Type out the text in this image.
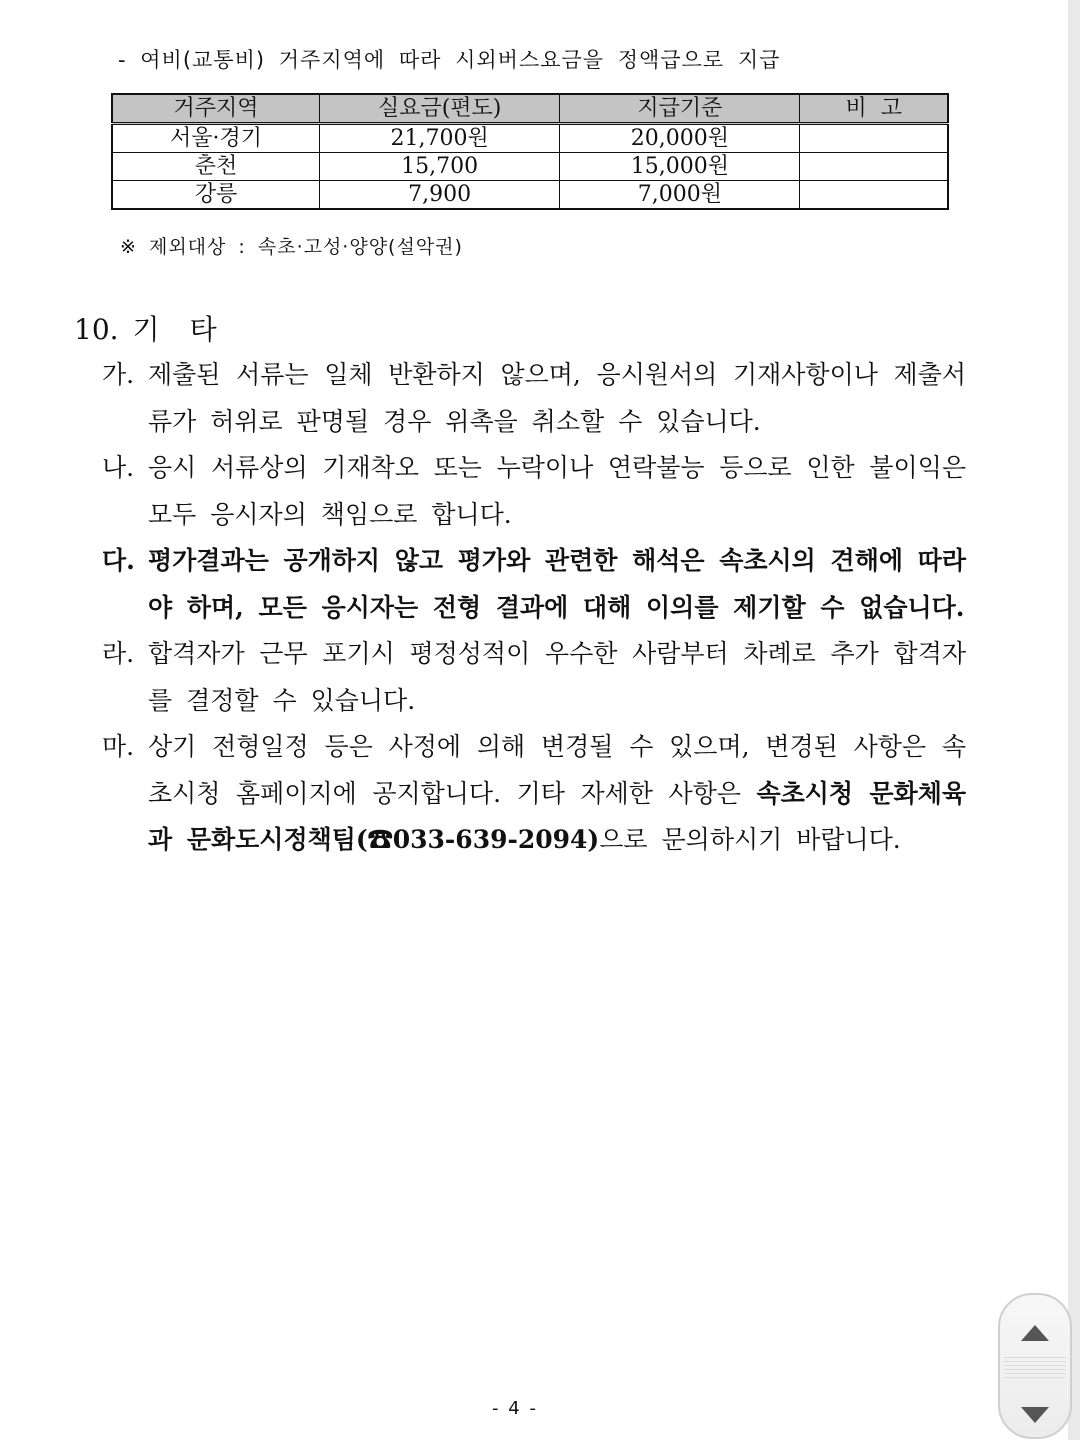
- 여비(교통비) 거주지역에 따라 시외버스요금을 정액급으로 지급
거주지역	실요금(편도)	지급기준	비  고
서울·경기	21,700원	20,000원	
춘천	15,700	15,000원	
강릉	7,900	7,000원	
※ 제외대상 : 속초·고성·양양(설악권)
10. 기타
가. 제출된 서류는 일체 반환하지 않으며, 응시원서의 기재사항이나 제출서류가 허위로 판명될 경우 위촉을 취소할 수 있습니다.
나. 응시 서류상의 기재착오 또는 누락이나 연락불능 등으로 인한 불이익은 모두 응시자의 책임으로 합니다.
다. 평가결과는 공개하지 않고 평가와 관련한 해석은 속초시의 견해에 따라야 하며, 모든 응시자는 전형 결과에 대해 이의를 제기할 수 없습니다.
라. 합격자가 근무 포기시 평정성적이 우수한 사람부터 차례로 추가 합격자를 결정할 수 있습니다.
마. 상기 전형일정 등은 사정에 의해 변경될 수 있으며, 변경된 사항은 속초시청 홈페이지에 공지합니다. 기타 자세한 사항은 속초시청 문화체육과 문화도시정책팀(☎033-639-2094)으로 문의하시기 바랍니다.
- 4 -
